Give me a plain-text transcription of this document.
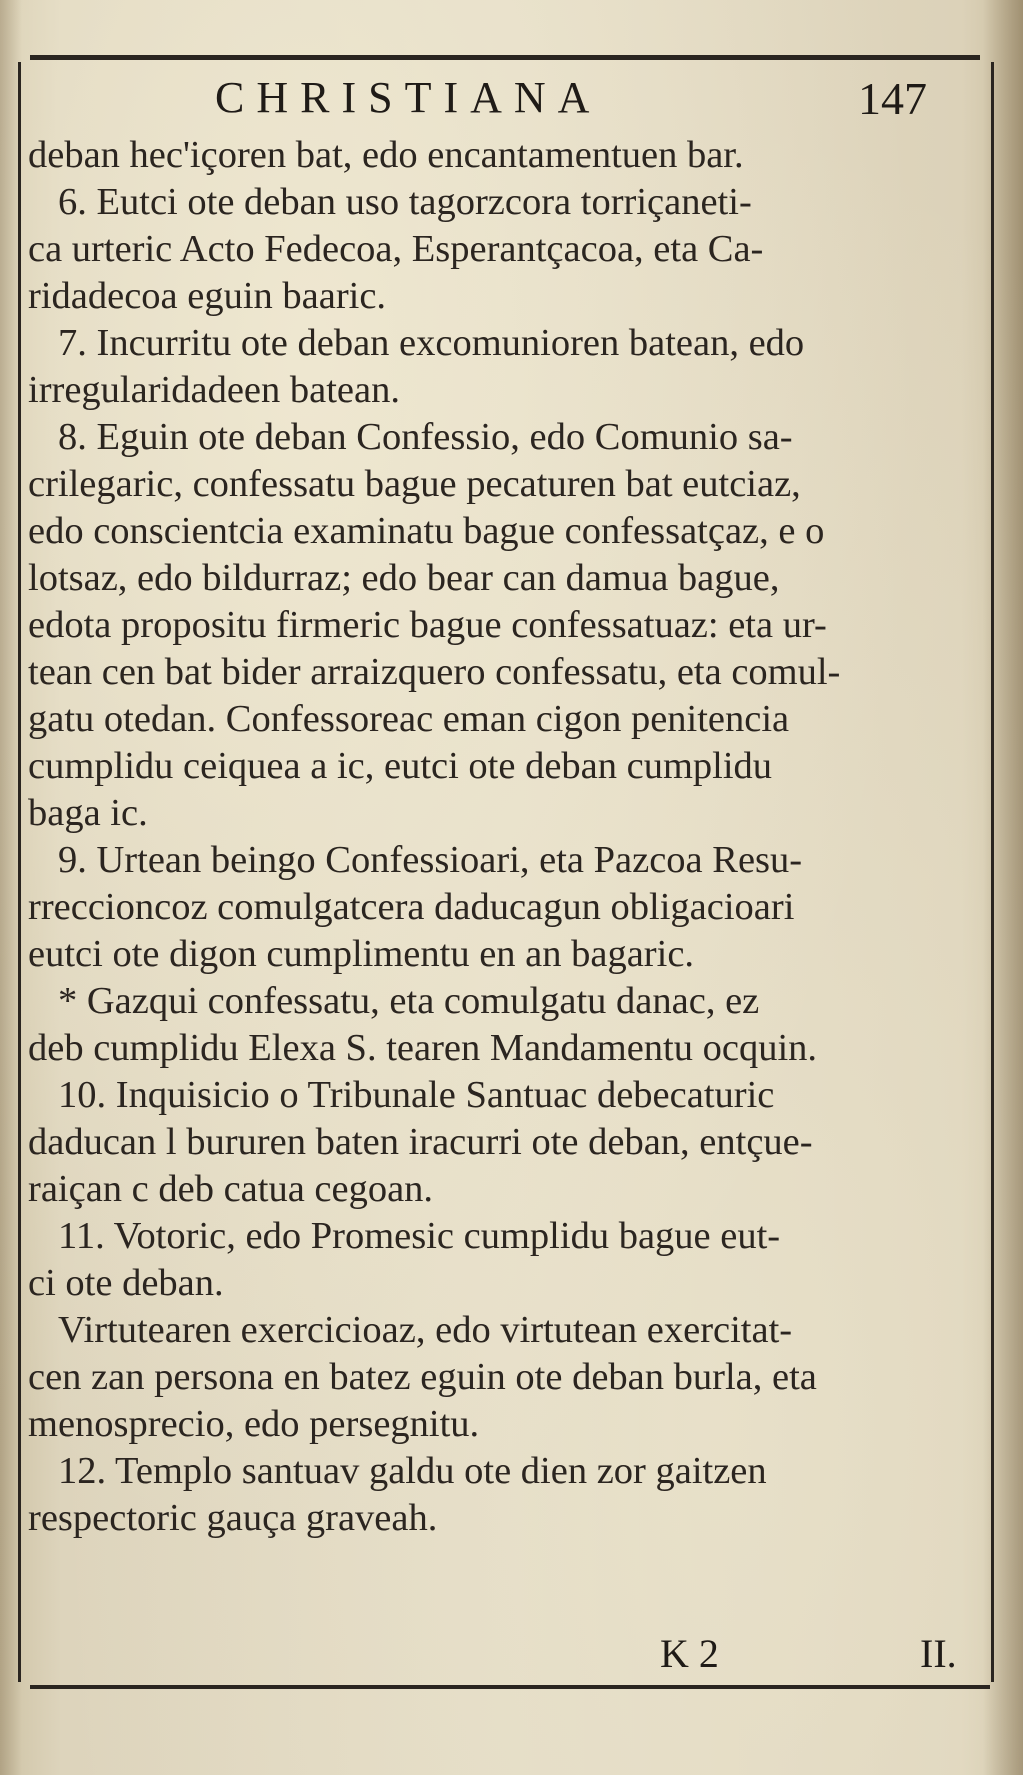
CHRISTIANA	147
deban hec'içoren bat, edo encantamentuen bar.
6. Eutci ote deban uso tagorzcora torriçaneti-
ca urteric Acto Fedecoa, Esperantçacoa, eta Ca-
ridadecoa eguin baaric.
7. Incurritu ote deban excomunioren batean, edo
irregularidadeen batean.
8. Eguin ote deban Confessio, edo Comunio sa-
crilegaric, confessatu bague pecaturen bat eutciaz,
edo conscientcia examinatu bague confessatçaz, e o
lotsaz, edo bildurraz; edo bear can damua bague,
edota propositu firmeric bague confessatuaz: eta ur-
tean cen bat bider arraizquero confessatu, eta comul-
gatu otedan. Confessoreac eman cigon penitencia
cumplidu ceiquea a ic, eutci ote deban cumplidu
baga ic.
9. Urtean beingo Confessioari, eta Pazcoa Resu-
rreccioncoz comulgatcera daducagun obligacioari
eutci ote digon cumplimentu en an bagaric.
* Gazqui confessatu, eta comulgatu danac, ez
deb cumplidu Elexa S. tearen Mandamentu ocquin.
10. Inquisicio o Tribunale Santuac debecaturic
daducan l bururen baten iracurri ote deban, entçue-
raiçan c deb catua cegoan.
11. Votoric, edo Promesic cumplidu bague eut-
ci ote deban.
Virtutearen exercicioaz, edo virtutean exercitat-
cen zan persona en batez eguin ote deban burla, eta
menosprecio, edo persegnitu.
12. Templo santuav galdu ote dien zor gaitzen
respectoric gauça graveah.
K 2	II.
